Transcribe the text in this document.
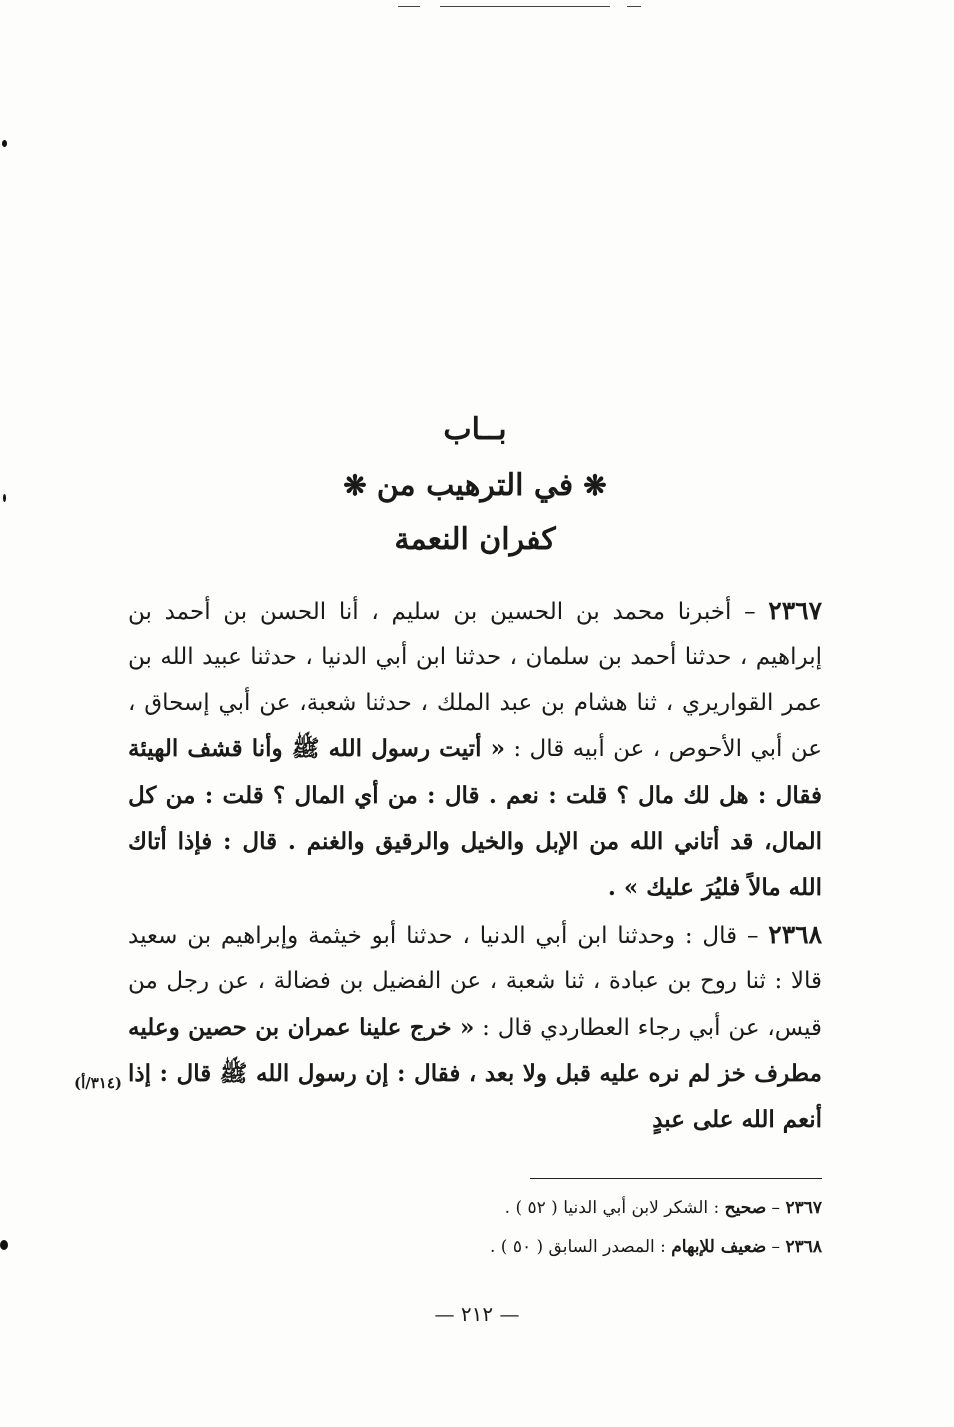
بــاب
❋في الترهيب من❋
كفران النعمة

٢٣٦٧ – أخبرنا محمد بن الحسين بن سليم ، أنا الحسن بن أحمد بن إبراهيم ، حدثنا أحمد بن سلمان ، حدثنا ابن أبي الدنيا ، حدثنا عبيد الله بن عمر القواريري ، ثنا هشام بن عبد الملك ، حدثنا شعبة، عن أبي إسحاق ، عن أبي الأحوص ، عن أبيه قال : « أتيت رسول الله ﷺ وأنا قشف الهيئة فقال : هل لك مال ؟ قلت : نعم . قال : من أي المال ؟ قلت : من كل المال، قد أتاني الله من الإبل والخيل والرقيق والغنم . قال : فإذا أتاك الله مالاً فليُرَ عليك » .

٢٣٦٨ – قال : وحدثنا ابن أبي الدنيا ، حدثنا أبو خيثمة وإبراهيم بن سعيد قالا : ثنا روح بن عبادة ، ثنا شعبة ، عن الفضيل بن فضالة ، عن رجل من قيس، عن أبي رجاء العطاردي قال : « خرج علينا عمران بن حصين وعليه مطرف خز لم نره عليه قبل ولا بعد ، فقال : إن رسول الله ﷺ قال : إذا أنعم الله على عبدٍ

(٣١٤/أ)
٢٣٦٧ – صحيح : الشكر لابن أبي الدنيا ( ٥٢ ) .
٢٣٦٨ – ضعيف للإبهام : المصدر السابق ( ٥٠ ) .
— ٢١٢ —
